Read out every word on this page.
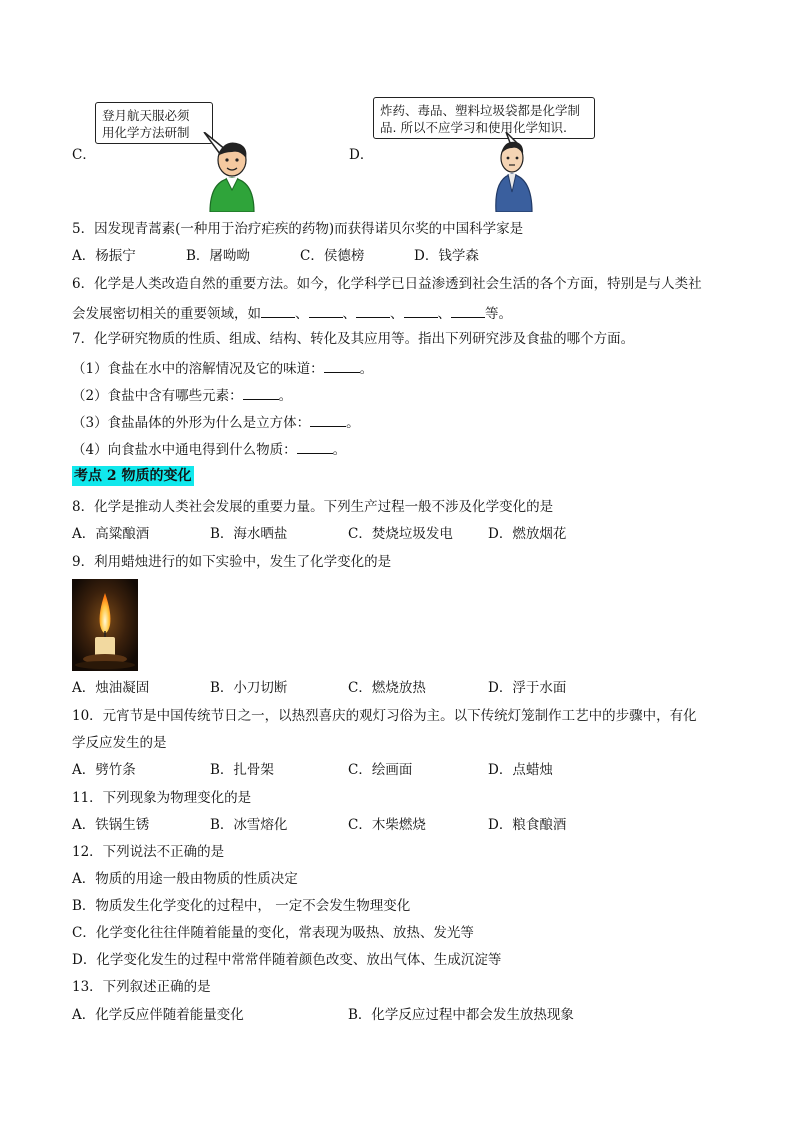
C．
登月航天服必须
用化学方法研制
D．
炸药、毒品、塑料垃圾袋都是化学制
品. 所以不应学习和使用化学知识.
5．因发现青蒿素(一种用于治疗疟疾的药物)而获得诺贝尔奖的中国科学家是
A．杨振宁	B．屠呦呦	C．侯德榜	D．钱学森
6．化学是人类改造自然的重要方法。如今，化学科学已日益渗透到社会生活的各个方面，特别是与人类社
会发展密切相关的重要领域，如	、	、	、	、	等。
7．化学研究物质的性质、组成、结构、转化及其应用等。指出下列研究涉及食盐的哪个方面。
（1）食盐在水中的溶解情况及它的味道：	。
（2）食盐中含有哪些元素：	。
（3）食盐晶体的外形为什么是立方体：	。
（4）向食盐水中通电得到什么物质：	。
考点 2 物质的变化
8．化学是推动人类社会发展的重要力量。下列生产过程一般不涉及化学变化的是
A．高粱酿酒	B．海水晒盐	C．焚烧垃圾发电	D．燃放烟花
9．利用蜡烛进行的如下实验中，发生了化学变化的是
A．烛油凝固	B．小刀切断	C．燃烧放热	D．浮于水面
10．元宵节是中国传统节日之一，以热烈喜庆的观灯习俗为主。以下传统灯笼制作工艺中的步骤中，有化
学反应发生的是
A．劈竹条	B．扎骨架	C．绘画面	D．点蜡烛
11．下列现象为物理变化的是
A．铁锅生锈	B．冰雪熔化	C．木柴燃烧	D．粮食酿酒
12．下列说法不正确的是
A．物质的用途一般由物质的性质决定
B．物质发生化学变化的过程中， 一定不会发生物理变化
C．化学变化往往伴随着能量的变化，常表现为吸热、放热、发光等
D．化学变化发生的过程中常常伴随着颜色改变、放出气体、生成沉淀等
13．下列叙述正确的是
A．化学反应伴随着能量变化	B．化学反应过程中都会发生放热现象
